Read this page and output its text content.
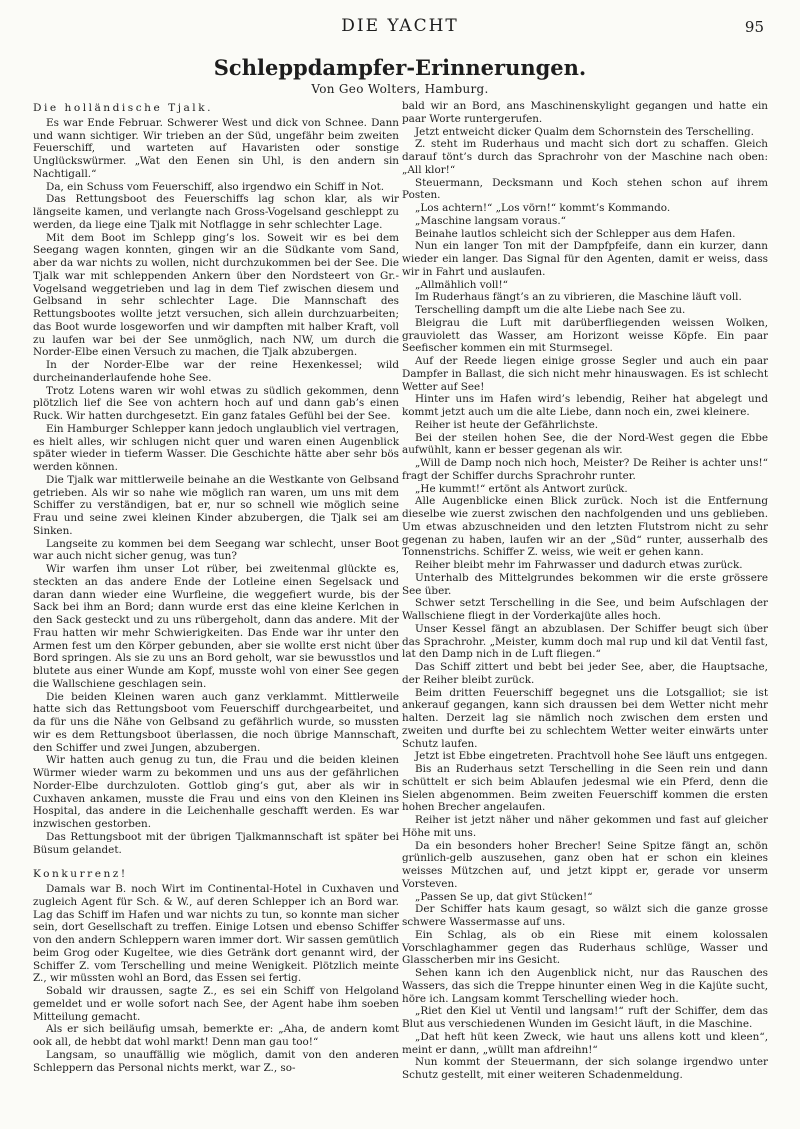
DIE YACHT	95
Schleppdampfer-Erinnerungen.
Von Geo Wolters, Hamburg.

Die holländische Tjalk.

Es war Ende Februar. Schwerer West und dick von Schnee. Dann und wann sichtiger. Wir trieben an der Süd, ungefähr beim zweiten Feuerschiff, und warteten auf Havaristen oder sonstige Unglückswürmer. „Wat den Eenen sin Uhl, is den andern sin Nachtigall.“

Da, ein Schuss vom Feuerschiff, also irgendwo ein Schiff in Not.

Das Rettungsboot des Feuerschiffs lag schon klar, als wir längseite kamen, und verlangte nach Gross-Vogelsand geschleppt zu werden, da liege eine Tjalk mit Notflagge in sehr schlechter Lage.

Mit dem Boot im Schlepp ging’s los. Soweit wir es bei dem Seegang wagen konnten, gingen wir an die Südkante vom Sand, aber da war nichts zu wollen, nicht durchzukommen bei der See. Die Tjalk war mit schleppenden Ankern über den Nordsteert von Gr.-Vogelsand weggetrieben und lag in dem Tief zwischen diesem und Gelbsand in sehr schlechter Lage. Die Mannschaft des Rettungsbootes wollte jetzt versuchen, sich allein durchzuarbeiten; das Boot wurde losgeworfen und wir dampften mit halber Kraft, voll zu laufen war bei der See unmöglich, nach NW, um durch die Norder-Elbe einen Versuch zu machen, die Tjalk abzubergen.

In der Norder-Elbe war der reine Hexenkessel; wild durcheinanderlaufende hohe See.

Trotz Lotens waren wir wohl etwas zu südlich gekommen, denn plötzlich lief die See von achtern hoch auf und dann gab’s einen Ruck. Wir hatten durchgesetzt. Ein ganz fatales Gefühl bei der See.

Ein Hamburger Schlepper kann jedoch unglaublich viel vertragen, es hielt alles, wir schlugen nicht quer und waren einen Augenblick später wieder in tieferm Wasser. Die Geschichte hätte aber sehr bös werden können.

Die Tjalk war mittlerweile beinahe an die Westkante von Gelbsand getrieben. Als wir so nahe wie möglich ran waren, um uns mit dem Schiffer zu verständigen, bat er, nur so schnell wie möglich seine Frau und seine zwei kleinen Kinder abzubergen, die Tjalk sei am Sinken.

Langseite zu kommen bei dem Seegang war schlecht, unser Boot war auch nicht sicher genug, was tun?

Wir warfen ihm unser Lot rüber, bei zweitenmal glückte es, steckten an das andere Ende der Lotleine einen Segelsack und daran dann wieder eine Wurfleine, die weggefiert wurde, bis der Sack bei ihm an Bord; dann wurde erst das eine kleine Kerlchen in den Sack gesteckt und zu uns rübergeholt, dann das andere. Mit der Frau hatten wir mehr Schwierigkeiten. Das Ende war ihr unter den Armen fest um den Körper gebunden, aber sie wollte erst nicht über Bord springen. Als sie zu uns an Bord geholt, war sie bewusstlos und blutete aus einer Wunde am Kopf, musste wohl von einer See gegen die Wallschiene geschlagen sein.

Die beiden Kleinen waren auch ganz verklammt. Mittlerweile hatte sich das Rettungsboot vom Feuerschiff durchgearbeitet, und da für uns die Nähe von Gelbsand zu gefährlich wurde, so mussten wir es dem Rettungsboot überlassen, die noch übrige Mannschaft, den Schiffer und zwei Jungen, abzubergen.

Wir hatten auch genug zu tun, die Frau und die beiden kleinen Würmer wieder warm zu bekommen und uns aus der gefährlichen Norder-Elbe durchzuloten. Gottlob ging’s gut, aber als wir in Cuxhaven ankamen, musste die Frau und eins von den Kleinen ins Hospital, das andere in die Leichenhalle geschafft werden. Es war inzwischen gestorben.

Das Rettungsboot mit der übrigen Tjalkmannschaft ist später bei Büsum gelandet.

Konkurrenz!

Damals war B. noch Wirt im Continental-Hotel in Cuxhaven und zugleich Agent für Sch. & W., auf deren Schlepper ich an Bord war. Lag das Schiff im Hafen und war nichts zu tun, so konnte man sicher sein, dort Gesellschaft zu treffen. Einige Lotsen und ebenso Schiffer von den andern Schleppern waren immer dort. Wir sassen gemütlich beim Grog oder Kugeltee, wie dies Getränk dort genannt wird, der Schiffer Z. vom Terschelling und meine Wenigkeit. Plötzlich meinte Z., wir müssten wohl an Bord, das Essen sei fertig.

Sobald wir draussen, sagte Z., es sei ein Schiff von Helgoland gemeldet und er wolle sofort nach See, der Agent habe ihm soeben Mitteilung gemacht.

Als er sich beiläufig umsah, bemerkte er: „Aha, de andern komt ook all, de hebbt dat wohl markt! Denn man gau too!“

Langsam, so unauffällig wie möglich, damit von den anderen Schleppern das Personal nichts merkt, war Z., so-

bald wir an Bord, ans Maschinenskylight gegangen und hatte ein paar Worte runtergerufen.

Jetzt entweicht dicker Qualm dem Schornstein des Terschelling.

Z. steht im Ruderhaus und macht sich dort zu schaffen. Gleich darauf tönt’s durch das Sprachrohr von der Maschine nach oben: „All klor!“

Steuermann, Decksmann und Koch stehen schon auf ihrem Posten.

„Los achtern!“ „Los vörn!“ kommt’s Kommando.

„Maschine langsam voraus.“

Beinahe lautlos schleicht sich der Schlepper aus dem Hafen.

Nun ein langer Ton mit der Dampfpfeife, dann ein kurzer, dann wieder ein langer. Das Signal für den Agenten, damit er weiss, dass wir in Fahrt und auslaufen.

„Allmählich voll!“

Im Ruderhaus fängt’s an zu vibrieren, die Maschine läuft voll.

Terschelling dampft um die alte Liebe nach See zu.

Bleigrau die Luft mit darüberfliegenden weissen Wolken, grauviolett das Wasser, am Horizont weisse Köpfe. Ein paar Seefischer kommen ein mit Sturmsegel.

Auf der Reede liegen einige grosse Segler und auch ein paar Dampfer in Ballast, die sich nicht mehr hinauswagen. Es ist schlecht Wetter auf See!

Hinter uns im Hafen wird’s lebendig, Reiher hat abgelegt und kommt jetzt auch um die alte Liebe, dann noch ein, zwei kleinere.

Reiher ist heute der Gefährlichste.

Bei der steilen hohen See, die der Nord-West gegen die Ebbe aufwühlt, kann er besser gegenan als wir.

„Will de Damp noch nich hoch, Meister? De Reiher is achter uns!“ fragt der Schiffer durchs Sprachrohr runter.

„He kummt!“ ertönt als Antwort zurück.

Alle Augenblicke einen Blick zurück. Noch ist die Entfernung dieselbe wie zuerst zwischen den nachfolgenden und uns geblieben. Um etwas abzuschneiden und den letzten Flutstrom nicht zu sehr gegenan zu haben, laufen wir an der „Süd“ runter, ausserhalb des Tonnenstrichs. Schiffer Z. weiss, wie weit er gehen kann.

Reiher bleibt mehr im Fahrwasser und dadurch etwas zurück.

Unterhalb des Mittelgrundes bekommen wir die erste grössere See über.

Schwer setzt Terschelling in die See, und beim Aufschlagen der Wallschiene fliegt in der Vorderkajüte alles hoch.

Unser Kessel fängt an abzublasen. Der Schiffer beugt sich über das Sprachrohr. „Meister, kumm doch mal rup und kil dat Ventil fast, lat den Damp nich in de Luft fliegen.“

Das Schiff zittert und bebt bei jeder See, aber, die Hauptsache, der Reiher bleibt zurück.

Beim dritten Feuerschiff begegnet uns die Lotsgalliot; sie ist ankerauf gegangen, kann sich draussen bei dem Wetter nicht mehr halten. Derzeit lag sie nämlich noch zwischen dem ersten und zweiten und durfte bei zu schlechtem Wetter weiter einwärts unter Schutz laufen.

Jetzt ist Ebbe eingetreten. Prachtvoll hohe See läuft uns entgegen.

Bis an Ruderhaus setzt Terschelling in die Seen rein und dann schüttelt er sich beim Ablaufen jedesmal wie ein Pferd, denn die Sielen abgenommen. Beim zweiten Feuerschiff kommen die ersten hohen Brecher angelaufen.

Reiher ist jetzt näher und näher gekommen und fast auf gleicher Höhe mit uns.

Da ein besonders hoher Brecher! Seine Spitze fängt an, schön grünlich-gelb auszusehen, ganz oben hat er schon ein kleines weisses Mützchen auf, und jetzt kippt er, gerade vor unserm Vorsteven.

„Passen Se up, dat givt Stücken!“

Der Schiffer hats kaum gesagt, so wälzt sich die ganze grosse schwere Wassermasse auf uns.

Ein Schlag, als ob ein Riese mit einem kolossalen Vorschlaghammer gegen das Ruderhaus schlüge, Wasser und Glasscherben mir ins Gesicht.

Sehen kann ich den Augenblick nicht, nur das Rauschen des Wassers, das sich die Treppe hinunter einen Weg in die Kajüte sucht, höre ich. Langsam kommt Terschelling wieder hoch.

„Riet den Kiel ut Ventil und langsam!“ ruft der Schiffer, dem das Blut aus verschiedenen Wunden im Gesicht läuft, in die Maschine.

„Dat heft hüt keen Zweck, wie haut uns allens kott und kleen“, meint er dann, „wüllt man afdreihn!“

Nun kommt der Steuermann, der sich solange irgendwo unter Schutz gestellt, mit einer weiteren Schadenmeldung.
